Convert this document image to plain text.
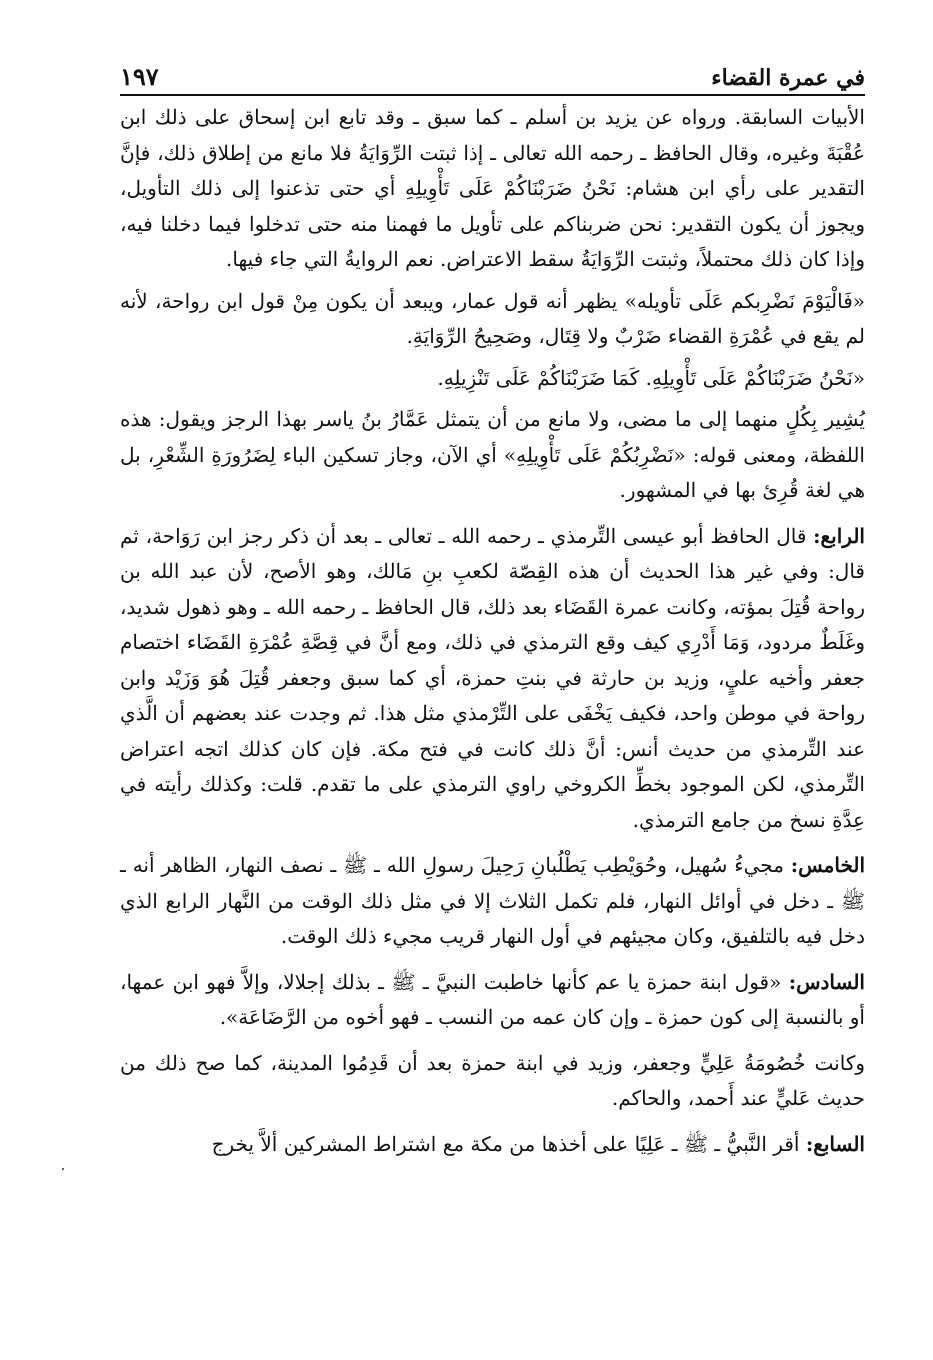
في عمرة القضاء
١٩٧

الأبيات السابقة. ورواه عن يزيد بن أسلم ـ كما سبق ـ وقد تابع ابن إسحاق على ذلك ابن عُقْبَةَ وغيره، وقال الحافظ ـ رحمه الله تعالى ـ إذا ثبتت الرِّوَايَةُ فلا مانع من إطلاق ذلك، فإنَّ التقدير على رأي ابن هشام: نَحْنُ ضَرَبْنَاكُمْ عَلَى تَأْوِيلِهِ أي حتى تذعنوا إلى ذلك التأويل، ويجوز أن يكون التقدير: نحن ضربناكم على تأويل ما فهمنا منه حتى تدخلوا فيما دخلنا فيه، وإذا كان ذلك محتملاً، وثبتت الرِّوَايَةُ سقط الاعتراض. نعم الروايةُ التي جاء فيها.

«فَالْيَوْمَ نَضْرِبكم عَلَى تأويله» يظهر أنه قول عمار، ويبعد أن يكون مِنْ قول ابن رواحة، لأنه لم يقع في عُمْرَةِ القضاء ضَرْبٌ ولا قِتَال، وصَحِيحُ الرِّوَايَةِ.

«نَحْنُ ضَرَبْنَاكُمْ عَلَى تَأْوِيلِهِ. كَمَا ضَرَبْنَاكُمْ عَلَى تَنْزِيلِهِ.

يُشِير بِكُلٍ منهما إلى ما مضى، ولا مانع من أن يتمثل عَمَّارُ بنُ ياسر بهذا الرجز ويقول: هذه اللفظة، ومعنى قوله: «نَضْرِبُكُمْ عَلَى تَأْوِيلِهِ» أي الآن، وجاز تسكين الباء لِضَرُورَةِ الشِّعْرِ، بل هي لغة قُرِئ بها في المشهور.

الرابع: قال الحافظ أبو عيسى التِّرمذي ـ رحمه الله ـ تعالى ـ بعد أن ذكر رجز ابن رَوَاحة، ثم قال: وفي غير هذا الحديث أن هذه القِصّة لكعبِ بنِ مَالك، وهو الأصح، لأن عبد الله بن رواحة قُتِلَ بمؤته، وكانت عمرة القَضَاء بعد ذلك، قال الحافظ ـ رحمه الله ـ وهو ذهول شديد، وغَلَطٌ مردود، وَمَا أَدْرِي كيف وقع الترمذي في ذلك، ومع أنَّ في قِصَّةِ عُمْرَةِ القَضَاء اختصام جعفر وأخيه عليٍ، وزيد بن حارثة في بنتِ حمزة، أي كما سبق وجعفر قُتِلَ هُوَ وَزَيْد وابن رواحة في موطن واحد، فكيف يَخْفَى على التِّرْمذي مثل هذا. ثم وجدت عند بعضهم أن الَّذي عند التِّرمذي من حديث أنس: أنَّ ذلك كانت في فتح مكة. فإن كان كذلك اتجه اعتراض التِّرمذي، لكن الموجود بخطِّ الكروخي راوي الترمذي على ما تقدم. قلت: وكذلك رأيته في عِدَّةِ نسخ من جامع الترمذي.

الخامس: مجيءُ سُهيل، وحُوَيْطِب يَطْلُبانِ رَحِيلَ رسولِ الله ـ ﷺ ـ نصف النهار، الظاهر أنه ـ ﷺ ـ دخل في أوائل النهار، فلم تكمل الثلاث إلا في مثل ذلك الوقت من النَّهار الرابع الذي دخل فيه بالتلفيق، وكان مجيئهم في أول النهار قريب مجيء ذلك الوقت.

السادس: «قول ابنة حمزة يا عم كأنها خاطبت النبيَّ ـ ﷺ ـ بذلك إجلالا، وإلاَّ فهو ابن عمها، أو بالنسبة إلى كون حمزة ـ وإن كان عمه من النسب ـ فهو أخوه من الرَّضَاعَة».

وكانت خُصُومَةُ عَلِيٍّ وجعفر، وزيد في ابنة حمزة بعد أن قَدِمُوا المدينة، كما صح ذلك من حديث عَليٍّ عند أَحمد، والحاكم.

السابع: أقر النَّبيُّ ـ ﷺ ـ عَلِيًا على أخذها من مكة مع اشتراط المشركين ألاَّ يخرج
